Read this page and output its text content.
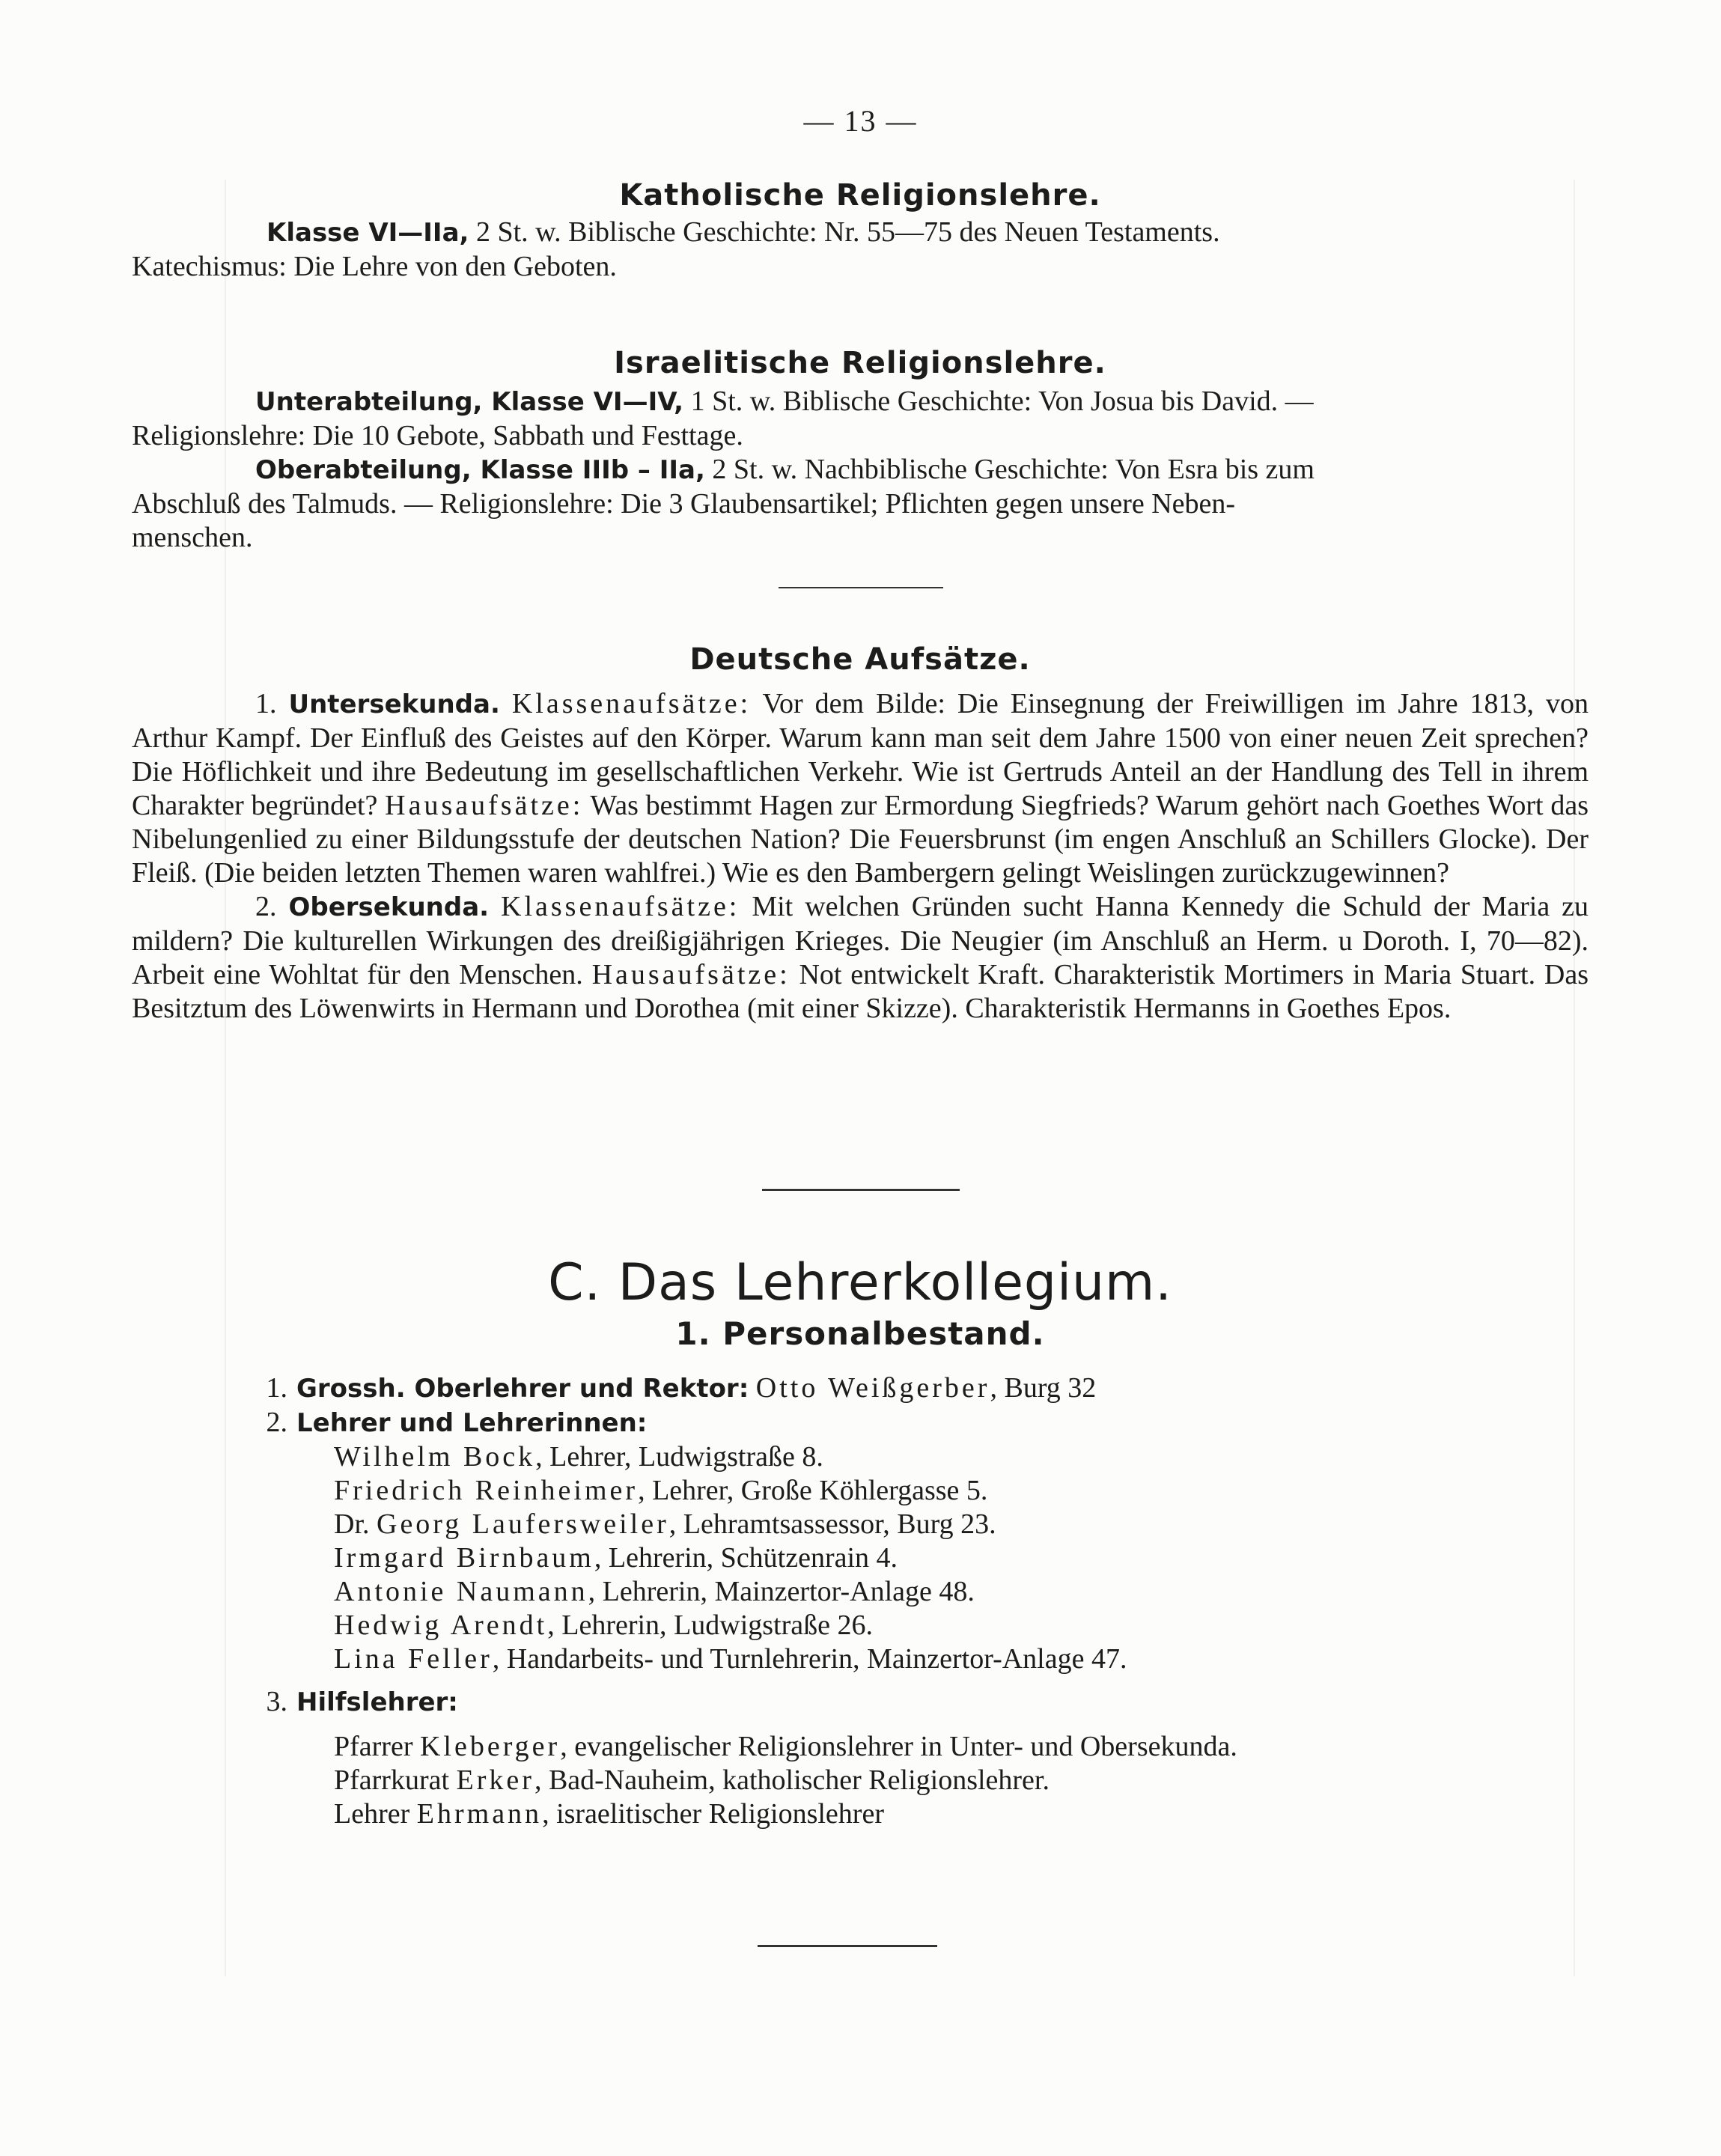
— 13 —
Katholische Religionslehre.

Klasse VI—IIa, 2 St. w. Biblische Geschichte: Nr. 55—75 des Neuen Testaments.

Katechismus: Die Lehre von den Geboten.

Israelitische Religionslehre.

Unterabteilung, Klasse VI—IV, 1 St. w. Biblische Geschichte: Von Josua bis David. —

Religionslehre: Die 10 Gebote, Sabbath und Festtage.

Oberabteilung, Klasse IIIb – IIa, 2 St. w. Nachbiblische Geschichte: Von Esra bis zum

Abschluß des Talmuds. — Religionslehre: Die 3 Glaubensartikel; Pflichten gegen unsere Neben-

menschen.

Deutsche Aufsätze.

1. Untersekunda. Klassenaufsätze: Vor dem Bilde: Die Einsegnung der Freiwilligen im Jahre 1813, von Arthur Kampf. Der Einfluß des Geistes auf den Körper. Warum kann man seit dem Jahre 1500 von einer neuen Zeit sprechen? Die Höflichkeit und ihre Bedeutung im gesellschaftlichen Verkehr. Wie ist Gertruds Anteil an der Handlung des Tell in ihrem Charakter begründet? Hausaufsätze: Was bestimmt Hagen zur Ermordung Siegfrieds? Warum gehört nach Goethes Wort das Nibelungenlied zu einer Bildungsstufe der deutschen Nation? Die Feuersbrunst (im engen Anschluß an Schillers Glocke). Der Fleiß. (Die beiden letzten Themen waren wahlfrei.) Wie es den Bambergern gelingt Weislingen zurückzugewinnen?

2. Obersekunda. Klassenaufsätze: Mit welchen Gründen sucht Hanna Kennedy die Schuld der Maria zu mildern? Die kulturellen Wirkungen des dreißigjährigen Krieges. Die Neugier (im Anschluß an Herm. u Doroth. I, 70—82). Arbeit eine Wohltat für den Menschen. Hausaufsätze: Not entwickelt Kraft. Charakteristik Mortimers in Maria Stuart. Das Besitztum des Löwenwirts in Hermann und Dorothea (mit einer Skizze). Charakteristik Hermanns in Goethes Epos.

C. Das Lehrerkollegium.
1. Personalbestand.
1. Grossh. Oberlehrer und Rektor: Otto Weißgerber, Burg 32
2. Lehrer und Lehrerinnen:
Wilhelm Bock, Lehrer, Ludwigstraße 8.
Friedrich Reinheimer, Lehrer, Große Köhlergasse 5.
Dr. Georg Laufersweiler, Lehramtsassessor, Burg 23.
Irmgard Birnbaum, Lehrerin, Schützenrain 4.
Antonie Naumann, Lehrerin, Mainzertor-Anlage 48.
Hedwig Arendt, Lehrerin, Ludwigstraße 26.
Lina Feller, Handarbeits- und Turnlehrerin, Mainzertor-Anlage 47.
3. Hilfslehrer:
Pfarrer Kleberger, evangelischer Religionslehrer in Unter- und Obersekunda.
Pfarrkurat Erker, Bad-Nauheim, katholischer Religionslehrer.
Lehrer Ehrmann, israelitischer Religionslehrer
